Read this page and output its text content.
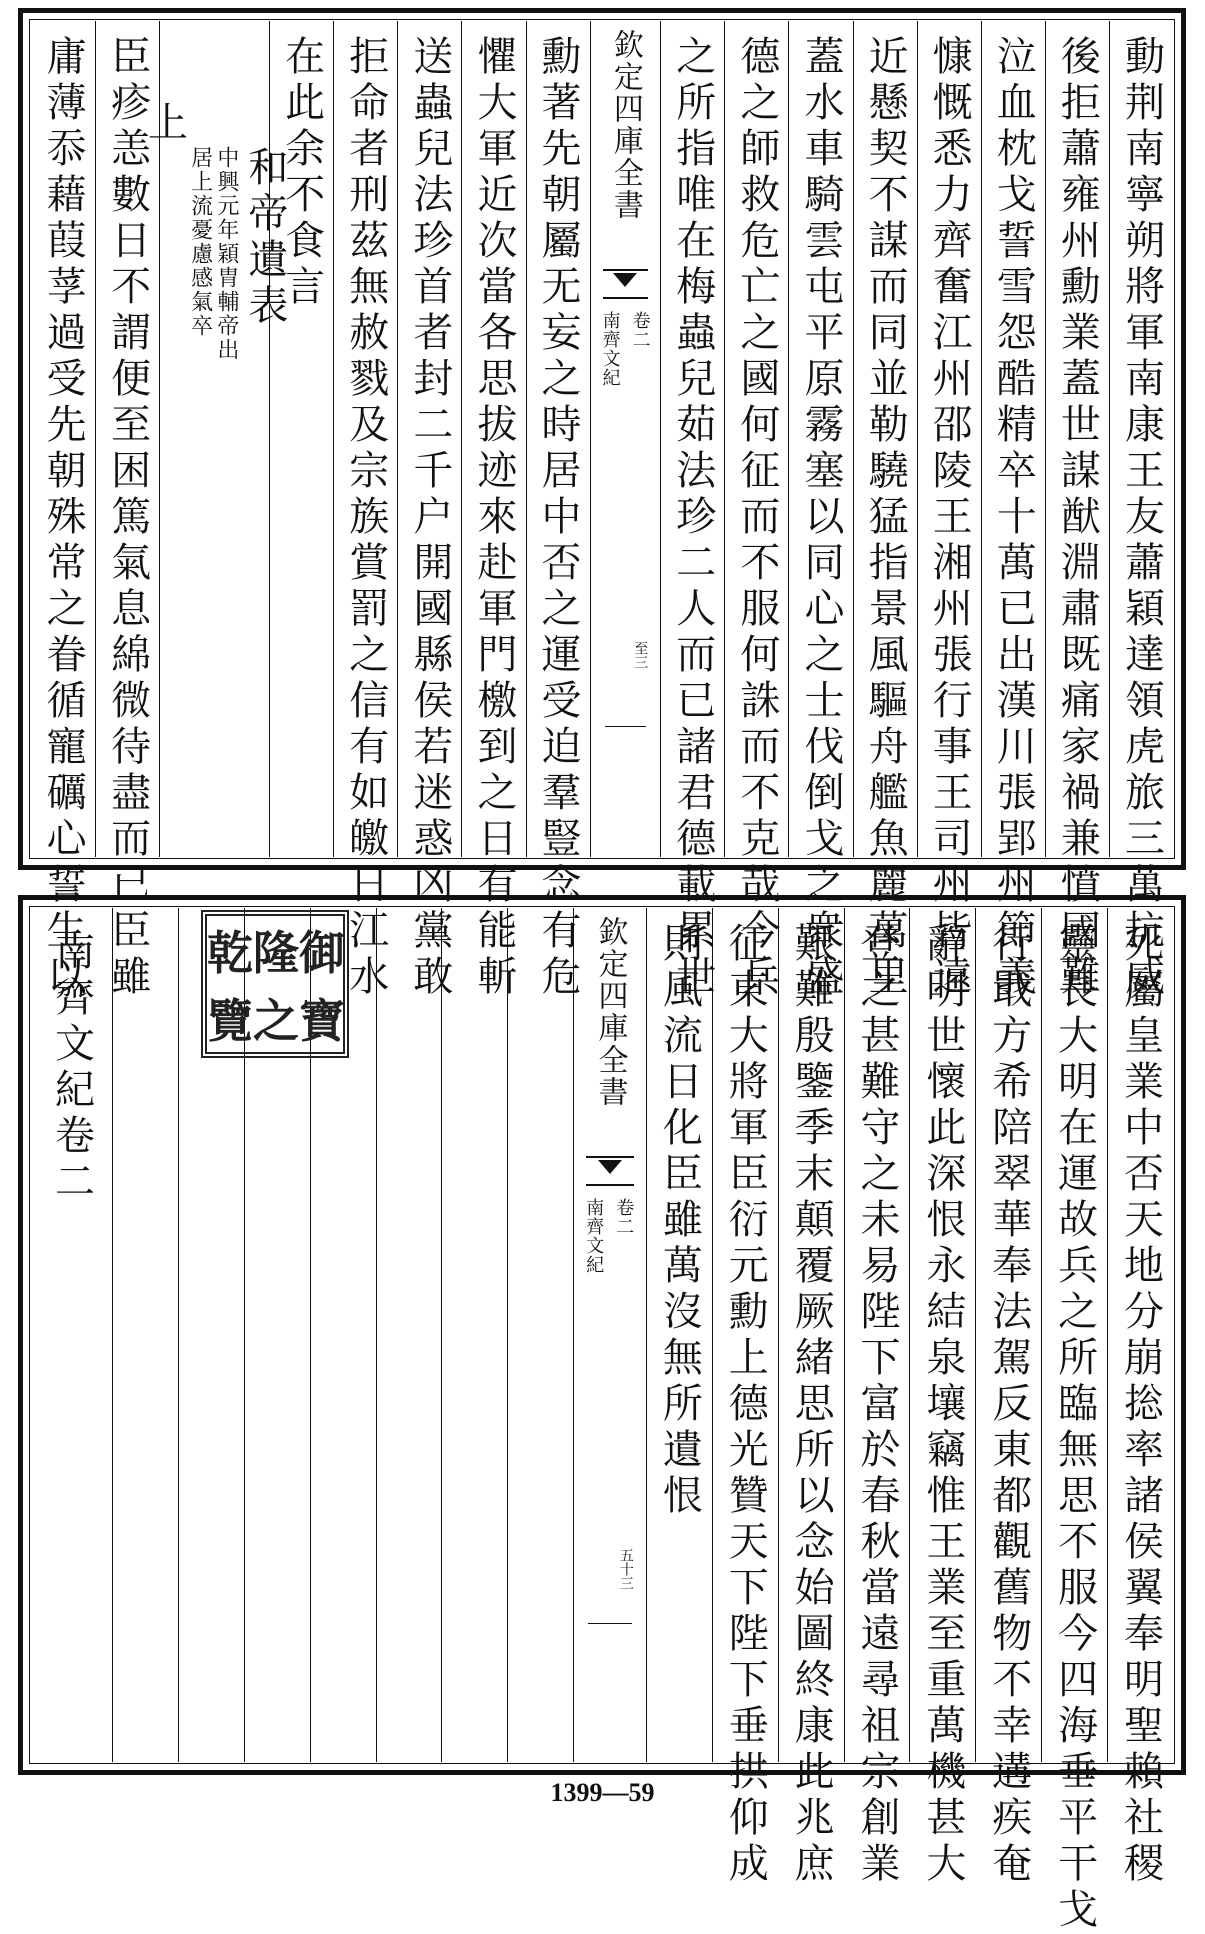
動荆南寧朔將軍南康王友蕭穎達領虎旅三萬抗威
後拒蕭雍州勳業蓋世謀猷淵肅既痛家禍兼憤國難
泣血枕戈誓雪怨酷精卒十萬已出漢川張郢州節義
慷慨悉力齊奮江州邵陵王湘州張行事王司州皆遠
近懸契不謀而同並勒驍猛指景風驅舟艦魚麗萬里
蓋水車騎雲屯平原霧塞以同心之士伐倒戈之衆盛
德之師救危亡之國何征而不服何誅而不克哉今兵
之所指唯在梅蟲兒茹法珍二人而已諸君德載累世
欽定四庫全書
南齊文紀 卷二
至三
勳著先朝屬无妄之時居中否之運受迫羣豎念有危
懼大軍近次當各思拔迹來赴軍門檄到之日有能斬
送蟲兒法珍首者封二千户開國縣侯若迷惑凶黨敢
拒命者刑茲無赦戮及宗族賞罰之信有如皦日江水
在此余不食言
上
和帝遺表
中興元年穎胄輔帝出
居上流憂慮感氣卒
臣疹恙數日不謂便至困篤氣息綿微待盡而已臣雖
庸薄忝藉葭莩過受先朝殊常之眷循寵礪心誓生以
死屬皇業中否天地分崩捴率諸侯翼奉明聖賴社稷
靈長大明在運故兵之所臨無思不服今四海垂平干戈
行戢方希陪翠華奉法駕反東都觀舊物不幸遘疾奄
辭明世懷此深恨永結泉壤竊惟王業至重萬機甚大
登之甚難守之未易陛下富於春秋當遠尋祖宗創業
艱難殷鑒季末顛覆厥緒思所以念始圖終康此兆庶
征東大將軍臣衍元勳上德光贊天下陛下垂拱仰成
則風流日化臣雖萬沒無所遺恨
欽定四庫全書
南齊文紀 卷二
五十三
南齊文紀卷二 乾 隆 御
覽 之 寶
1399—59
